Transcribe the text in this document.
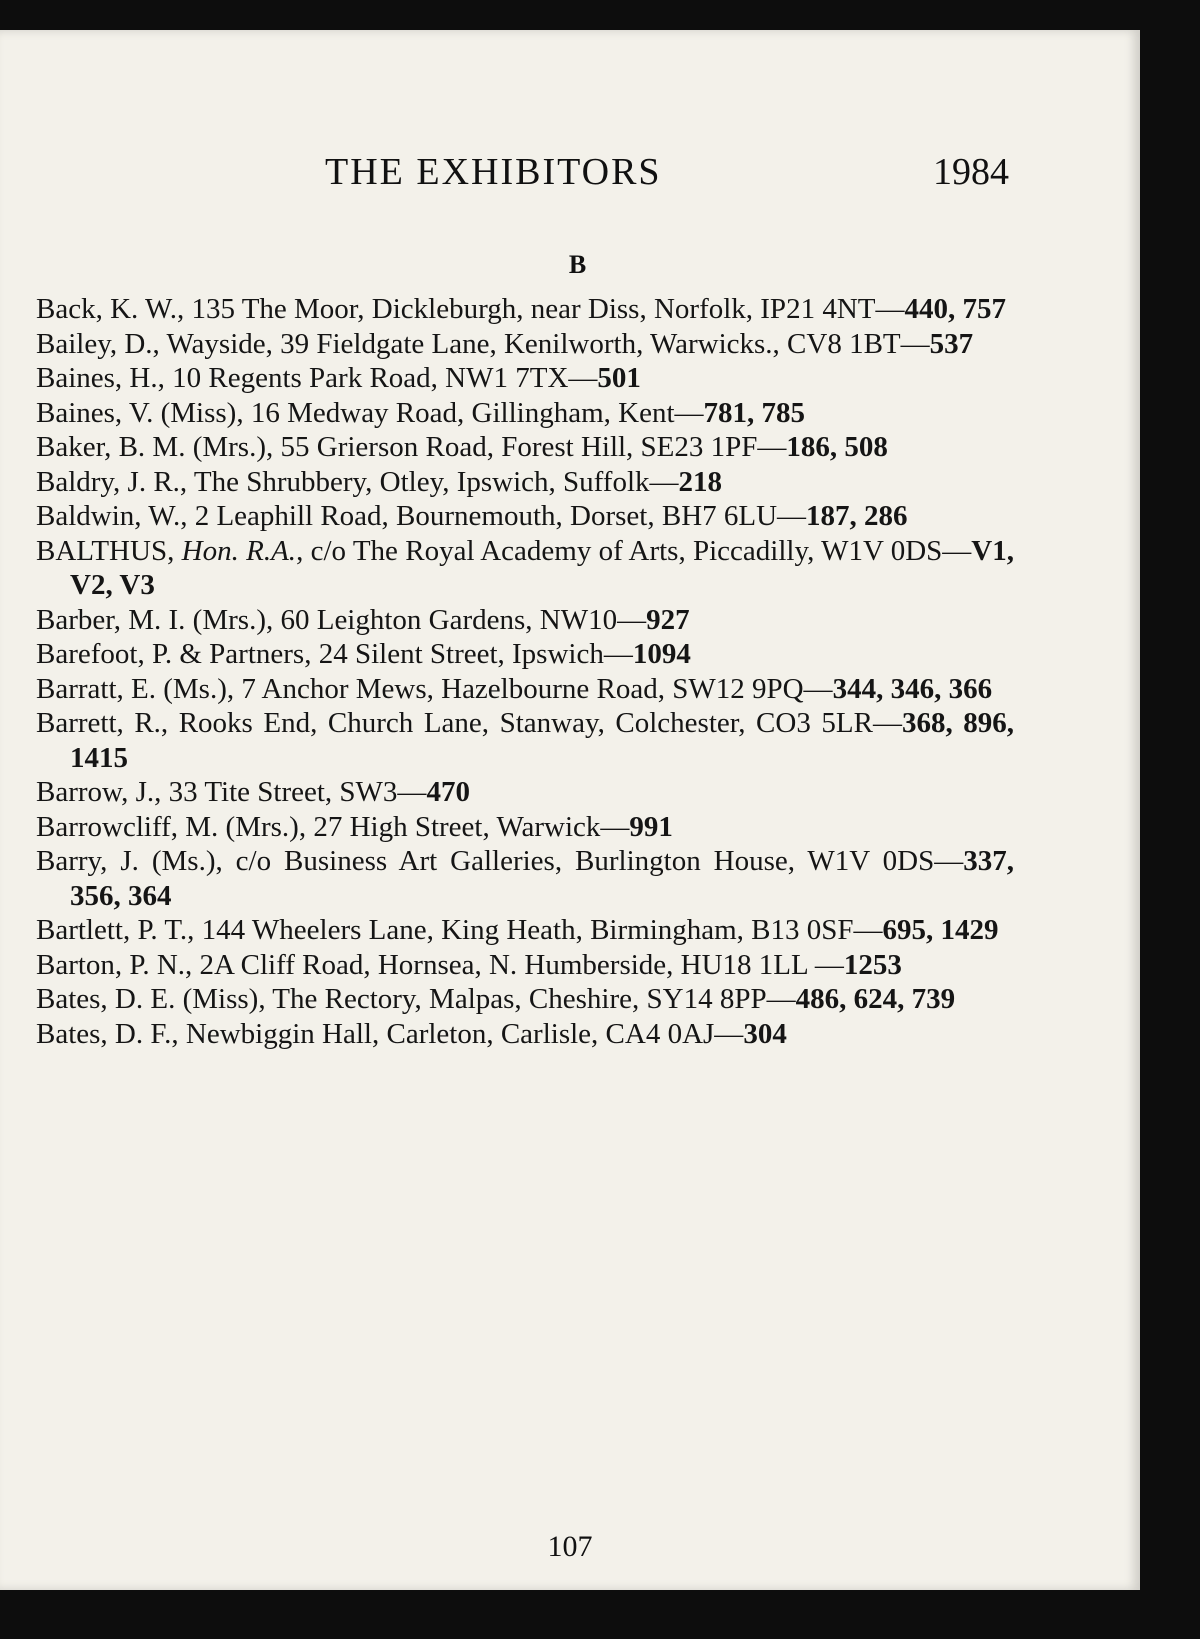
THE EXHIBITORS	1984
B

Back, K. W., 135 The Moor, Dickleburgh, near Diss, Norfolk, IP21 4NT—440, 757

Bailey, D., Wayside, 39 Fieldgate Lane, Kenilworth, Warwicks., CV8 1BT—537

Baines, H., 10 Regents Park Road, NW1 7TX—501

Baines, V. (Miss), 16 Medway Road, Gillingham, Kent—781, 785

Baker, B. M. (Mrs.), 55 Grierson Road, Forest Hill, SE23 1PF—186, 508

Baldry, J. R., The Shrubbery, Otley, Ipswich, Suffolk—218

Baldwin, W., 2 Leaphill Road, Bournemouth, Dorset, BH7 6LU—187, 286

BALTHUS, Hon. R.A., c/o The Royal Academy of Arts, Piccadilly, W1V 0DS—V1, V2, V3

Barber, M. I. (Mrs.), 60 Leighton Gardens, NW10—927

Barefoot, P. & Partners, 24 Silent Street, Ipswich—1094

Barratt, E. (Ms.), 7 Anchor Mews, Hazelbourne Road, SW12 9PQ—344, 346, 366

Barrett, R., Rooks End, Church Lane, Stanway, Colchester, CO3 5LR—368, 896, 1415

Barrow, J., 33 Tite Street, SW3—470

Barrowcliff, M. (Mrs.), 27 High Street, Warwick—991

Barry, J. (Ms.), c/o Business Art Galleries, Burlington House, W1V 0DS—337, 356, 364

Bartlett, P. T., 144 Wheelers Lane, King Heath, Birmingham, B13 0SF—695, 1429

Barton, P. N., 2A Cliff Road, Hornsea, N. Humberside, HU18 1LL —1253

Bates, D. E. (Miss), The Rectory, Malpas, Cheshire, SY14 8PP—486, 624, 739

Bates, D. F., Newbiggin Hall, Carleton, Carlisle, CA4 0AJ—304

107
